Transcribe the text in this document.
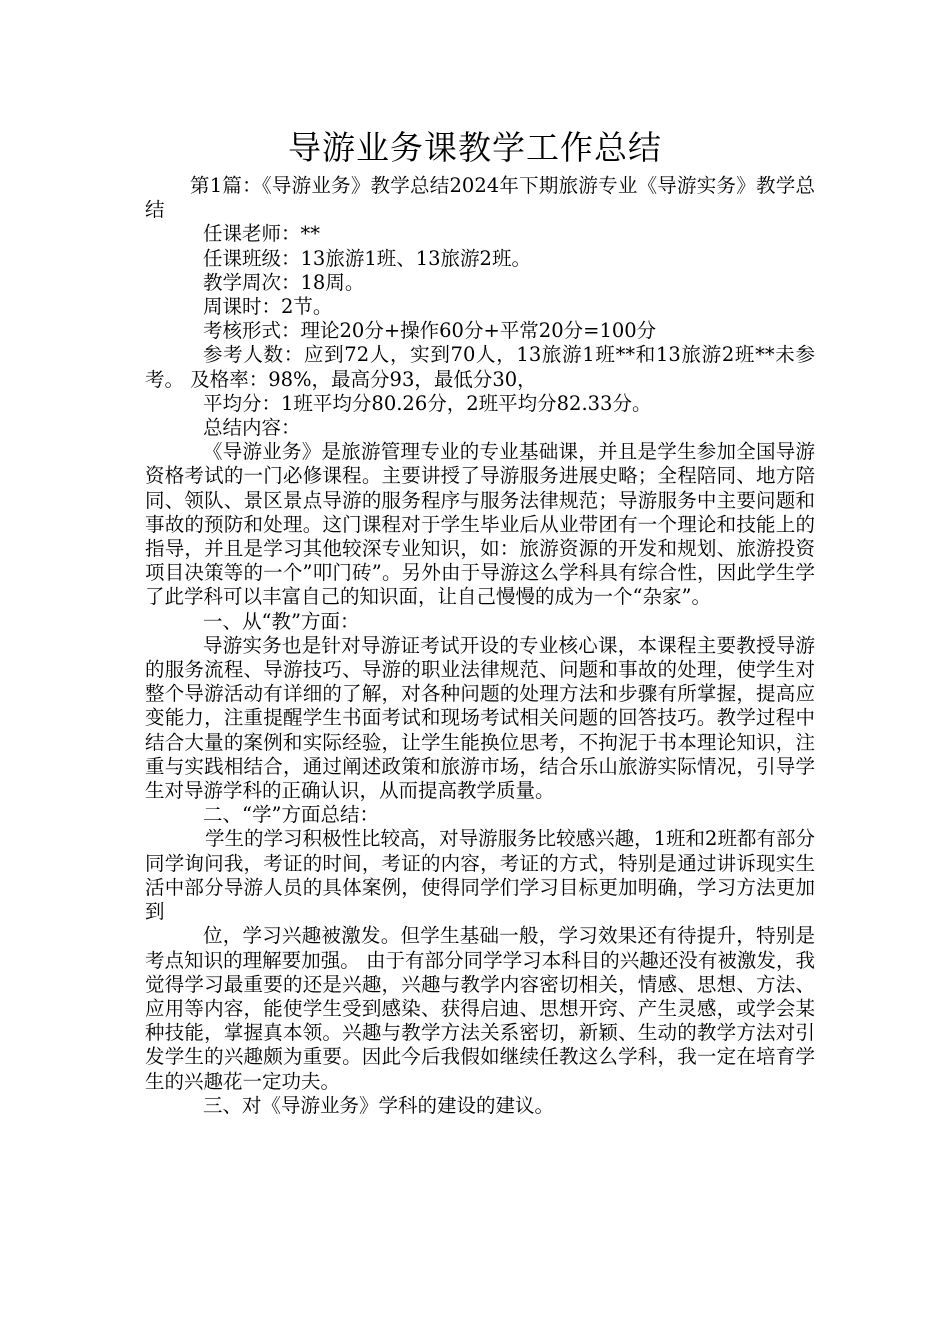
导游业务课教学工作总结

第1篇：《导游业务》教学总结2024年下期旅游专业《导游实务》教学总结

任课老师：**

任课班级：13旅游1班、13旅游2班。

教学周次：18周。

周课时：2节。

考核形式：理论20分+操作60分+平常20分=100分

参考人数：应到72人，实到70人，13旅游1班**和13旅游2班**未参考。 及格率：98%，最高分93，最低分30，

平均分：1班平均分80.26分，2班平均分82.33分。

总结内容：

《导游业务》是旅游管理专业的专业基础课，并且是学生参加全国导游资格考试的一门必修课程。主要讲授了导游服务进展史略；全程陪同、地方陪同、领队、景区景点导游的服务程序与服务法律规范；导游服务中主要问题和事故的预防和处理。这门课程对于学生毕业后从业带团有一个理论和技能上的指导，并且是学习其他较深专业知识，如：旅游资源的开发和规划、旅游投资项目决策等的一个”叩门砖”。另外由于导游这么学科具有综合性，因此学生学了此学科可以丰富自己的知识面，让自己慢慢的成为一个“杂家”。

一、从“教”方面：

导游实务也是针对导游证考试开设的专业核心课，本课程主要教授导游的服务流程、导游技巧、导游的职业法律规范、问题和事故的处理，使学生对整个导游活动有详细的了解，对各种问题的处理方法和步骤有所掌握，提高应变能力，注重提醒学生书面考试和现场考试相关问题的回答技巧。教学过程中结合大量的案例和实际经验，让学生能换位思考，不拘泥于书本理论知识，注重与实践相结合，通过阐述政策和旅游市场，结合乐山旅游实际情况，引导学生对导游学科的正确认识，从而提高教学质量。

二、“学”方面总结：

学生的学习积极性比较高，对导游服务比较感兴趣，1班和2班都有部分同学询问我，考证的时间，考证的内容，考证的方式，特别是通过讲诉现实生活中部分导游人员的具体案例，使得同学们学习目标更加明确，学习方法更加到

位，学习兴趣被激发。但学生基础一般，学习效果还有待提升，特别是考点知识的理解要加强。 由于有部分同学学习本科目的兴趣还没有被激发，我觉得学习最重要的还是兴趣，兴趣与教学内容密切相关，情感、思想、方法、应用等内容，能使学生受到感染、获得启迪、思想开窍、产生灵感，或学会某种技能，掌握真本领。兴趣与教学方法关系密切，新颖、生动的教学方法对引发学生的兴趣颇为重要。因此今后我假如继续任教这么学科，我一定在培育学生的兴趣花一定功夫。

三、对《导游业务》学科的建设的建议。
